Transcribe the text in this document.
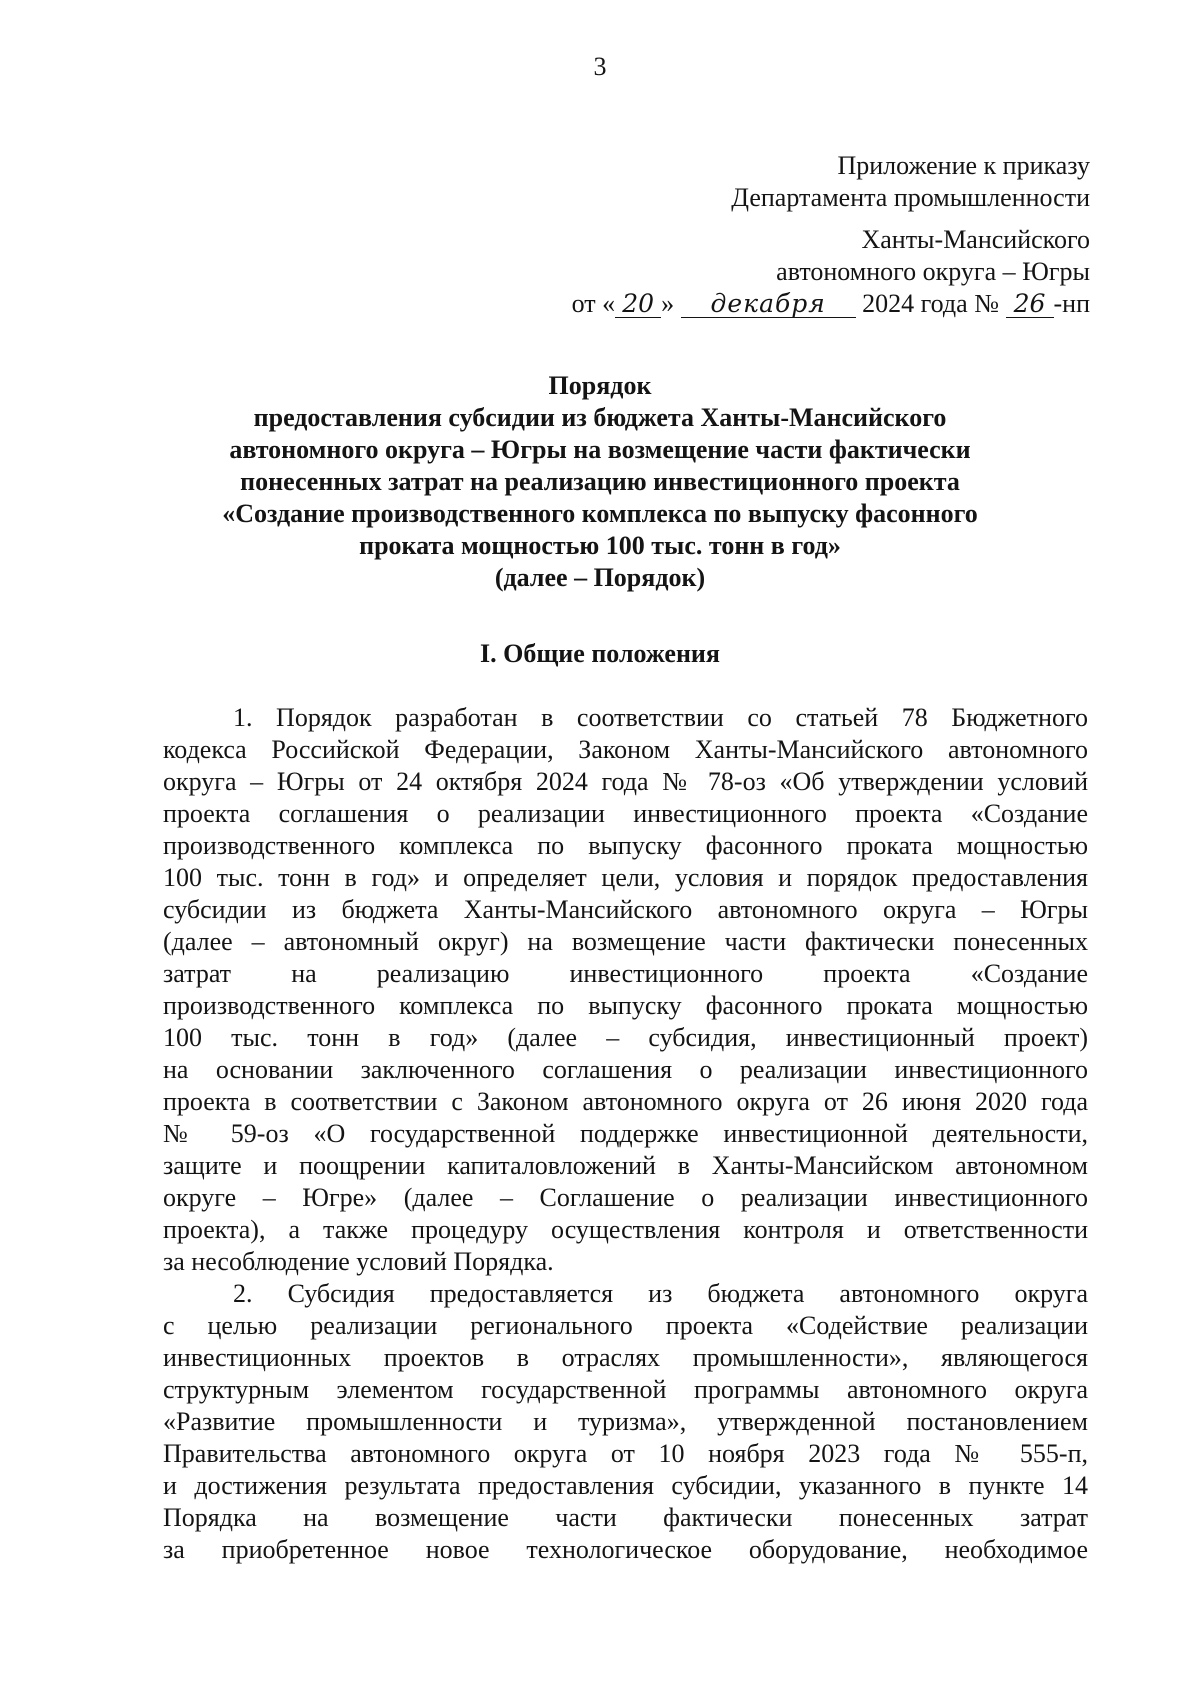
3
Приложение к приказу
Департамента промышленности
Ханты-Мансийского
автономного округа – Югры
от « 20 » декабря 2024 года № 26 -нп
Порядок
предоставления субсидии из бюджета Ханты-Мансийского
автономного округа – Югры на возмещение части фактически
понесенных затрат на реализацию инвестиционного проекта
«Создание производственного комплекса по выпуску фасонного
проката мощностью 100 тыс. тонн в год»
(далее – Порядок)
I. Общие положения
1. Порядок разработан в соответствии со статьей 78 Бюджетного
кодекса Российской Федерации, Законом Ханты-Мансийского автономного
округа – Югры от 24 октября 2024 года № 78-оз «Об утверждении условий
проекта соглашения о реализации инвестиционного проекта «Создание
производственного комплекса по выпуску фасонного проката мощностью
100 тыс. тонн в год» и определяет цели, условия и порядок предоставления
субсидии из бюджета Ханты-Мансийского автономного округа – Югры
(далее – автономный округ) на возмещение части фактически понесенных
затрат на реализацию инвестиционного проекта «Создание
производственного комплекса по выпуску фасонного проката мощностью
100 тыс. тонн в год» (далее – субсидия, инвестиционный проект)
на основании заключенного соглашения о реализации инвестиционного
проекта в соответствии с Законом автономного округа от 26 июня 2020 года
№ 59-оз «О государственной поддержке инвестиционной деятельности,
защите и поощрении капиталовложений в Ханты-Мансийском автономном
округе – Югре» (далее – Соглашение о реализации инвестиционного
проекта), а также процедуру осуществления контроля и ответственности
за несоблюдение условий Порядка.
2. Субсидия предоставляется из бюджета автономного округа
с целью реализации регионального проекта «Содействие реализации
инвестиционных проектов в отраслях промышленности», являющегося
структурным элементом государственной программы автономного округа
«Развитие промышленности и туризма», утвержденной постановлением
Правительства автономного округа от 10 ноября 2023 года № 555-п,
и достижения результата предоставления субсидии, указанного в пункте 14
Порядка на возмещение части фактически понесенных затрат
за приобретенное новое технологическое оборудование, необходимое
